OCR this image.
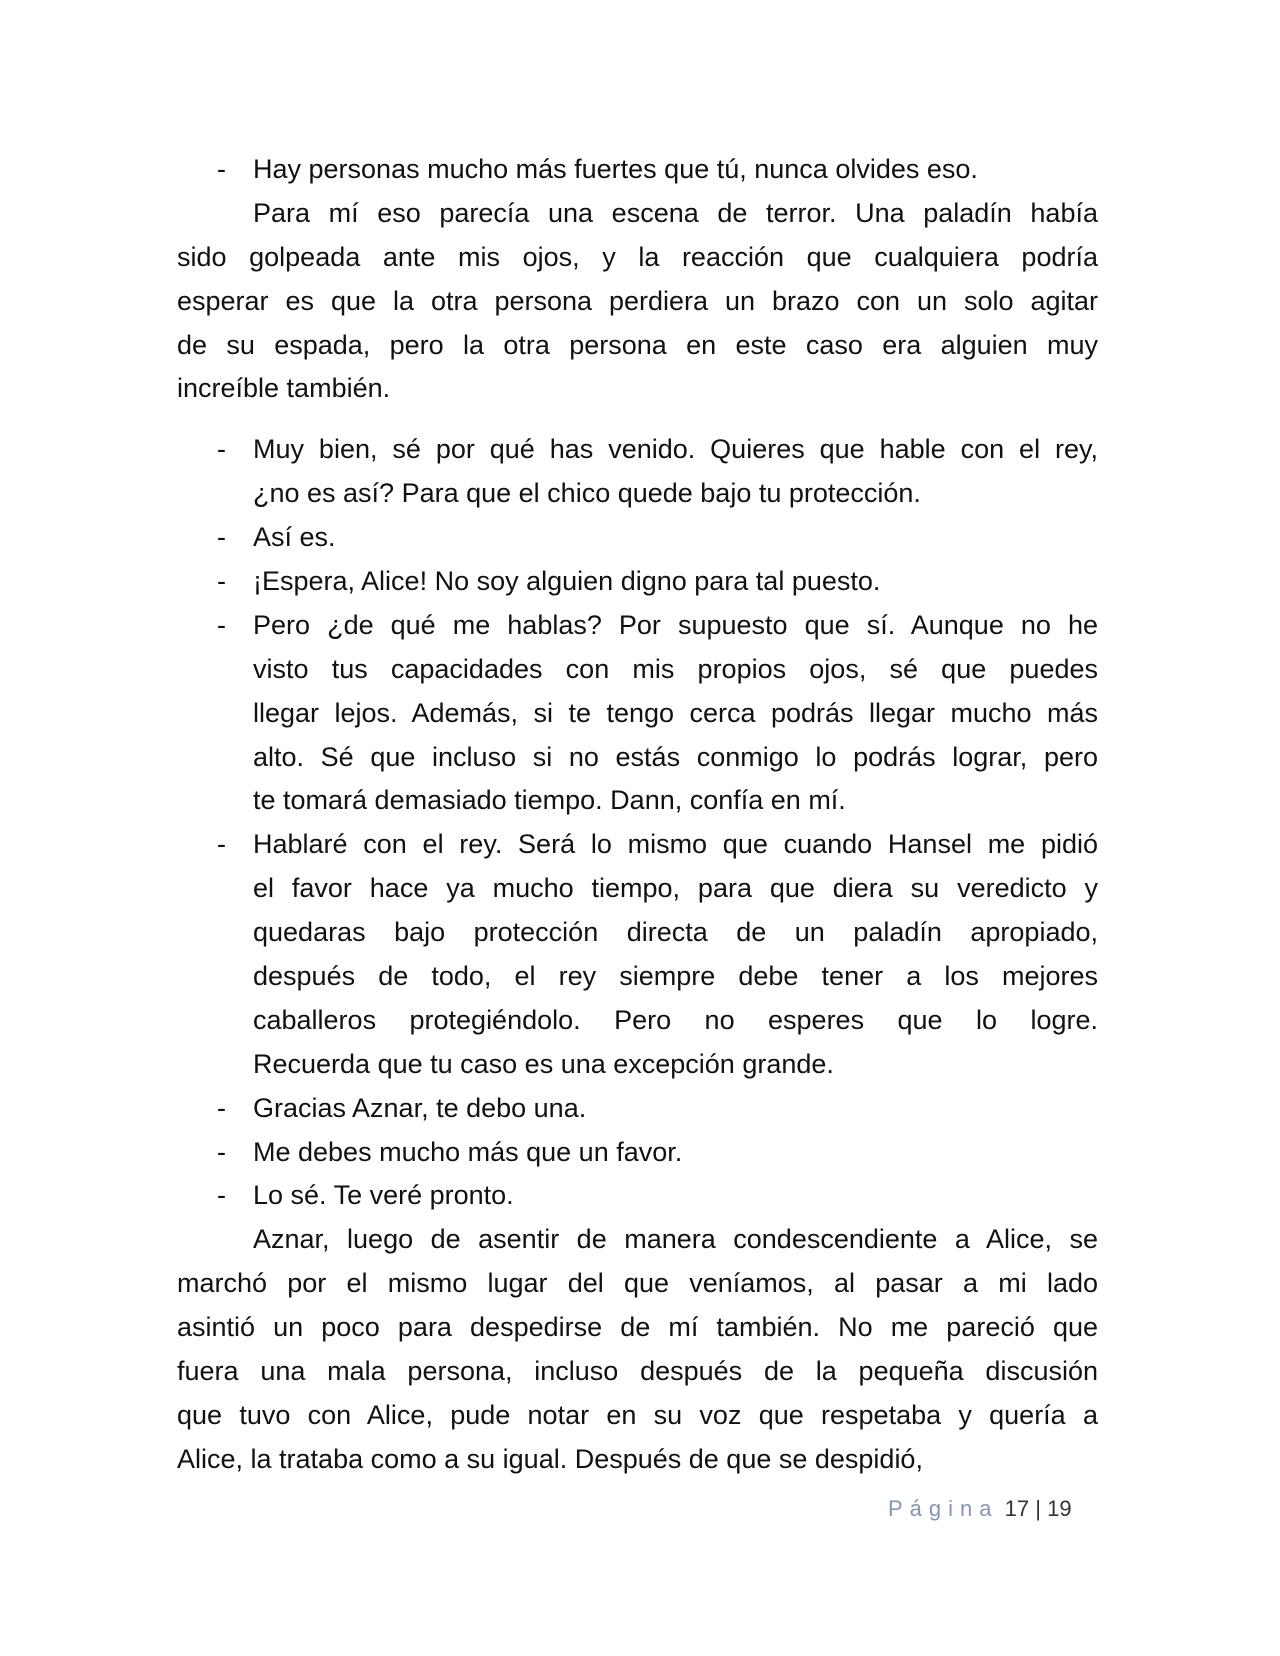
- Hay personas mucho más fuertes que tú, nunca olvides eso.
Para mí eso parecía una escena de terror. Una paladín había
sido golpeada ante mis ojos, y la reacción que cualquiera podría
esperar es que la otra persona perdiera un brazo con un solo agitar
de su espada, pero la otra persona en este caso era alguien muy
increíble también.
- Muy bien, sé por qué has venido. Quieres que hable con el rey,
¿no es así? Para que el chico quede bajo tu protección.
- Así es.
- ¡Espera, Alice! No soy alguien digno para tal puesto.
- Pero ¿de qué me hablas? Por supuesto que sí. Aunque no he
visto tus capacidades con mis propios ojos, sé que puedes
llegar lejos. Además, si te tengo cerca podrás llegar mucho más
alto. Sé que incluso si no estás conmigo lo podrás lograr, pero
te tomará demasiado tiempo. Dann, confía en mí.
- Hablaré con el rey. Será lo mismo que cuando Hansel me pidió
el favor hace ya mucho tiempo, para que diera su veredicto y
quedaras bajo protección directa de un paladín apropiado,
después de todo, el rey siempre debe tener a los mejores
caballeros protegiéndolo. Pero no esperes que lo logre.
Recuerda que tu caso es una excepción grande.
- Gracias Aznar, te debo una.
- Me debes mucho más que un favor.
- Lo sé. Te veré pronto.
Aznar, luego de asentir de manera condescendiente a Alice, se
marchó por el mismo lugar del que veníamos, al pasar a mi lado
asintió un poco para despedirse de mí también. No me pareció que
fuera una mala persona, incluso después de la pequeña discusión
que tuvo con Alice, pude notar en su voz que respetaba y quería a
Alice, la trataba como a su igual. Después de que se despidió,
Página 17 | 19
